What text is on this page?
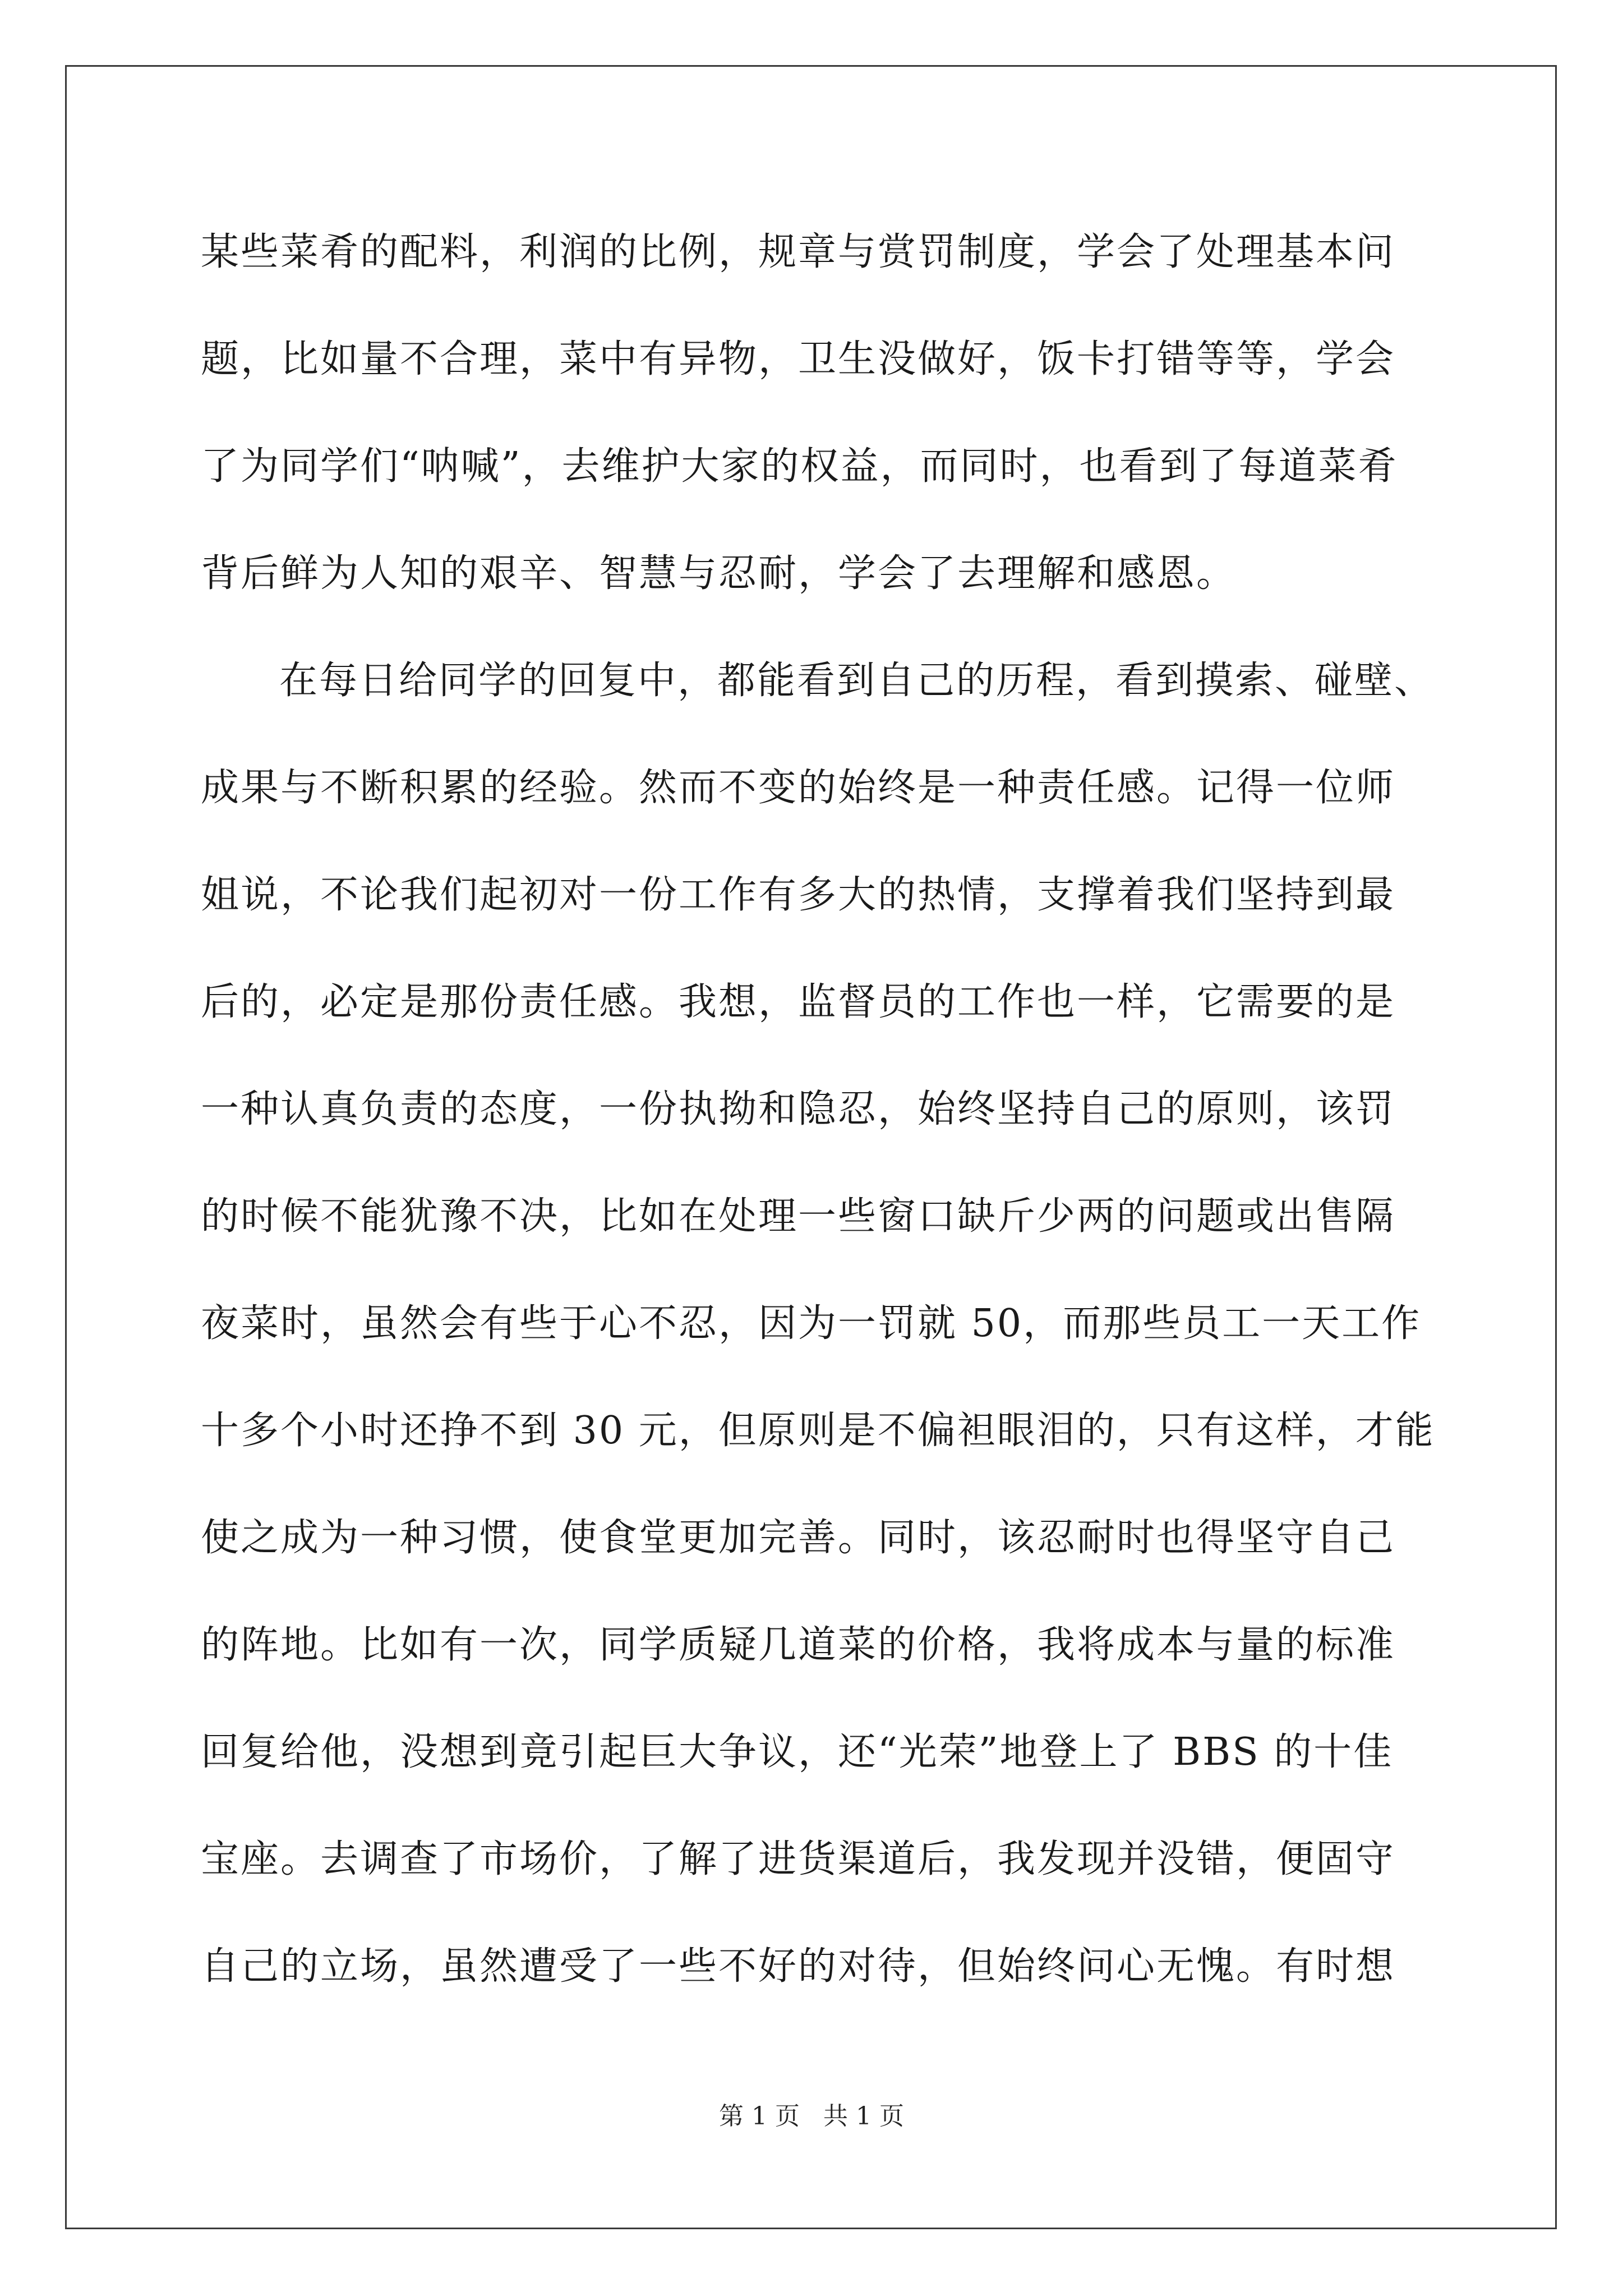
某些菜肴的配料，利润的比例，规章与赏罚制度，学会了处理基本问
题，比如量不合理，菜中有异物，卫生没做好，饭卡打错等等，学会
了为同学们“呐喊”，去维护大家的权益，而同时，也看到了每道菜肴
背后鲜为人知的艰辛、智慧与忍耐，学会了去理解和感恩。
在每日给同学的回复中，都能看到自己的历程，看到摸索、碰壁、
成果与不断积累的经验。然而不变的始终是一种责任感。记得一位师
姐说，不论我们起初对一份工作有多大的热情，支撑着我们坚持到最
后的，必定是那份责任感。我想，监督员的工作也一样，它需要的是
一种认真负责的态度，一份执拗和隐忍，始终坚持自己的原则，该罚
的时候不能犹豫不决，比如在处理一些窗口缺斤少两的问题或出售隔
夜菜时，虽然会有些于心不忍，因为一罚就 50，而那些员工一天工作
十多个小时还挣不到 30 元，但原则是不偏袒眼泪的，只有这样，才能
使之成为一种习惯，使食堂更加完善。同时，该忍耐时也得坚守自己
的阵地。比如有一次，同学质疑几道菜的价格，我将成本与量的标准
回复给他，没想到竟引起巨大争议，还“光荣”地登上了 BBS 的十佳
宝座。去调查了市场价，了解了进货渠道后，我发现并没错，便固守
自己的立场，虽然遭受了一些不好的对待，但始终问心无愧。有时想
第 1 页   共 1 页
